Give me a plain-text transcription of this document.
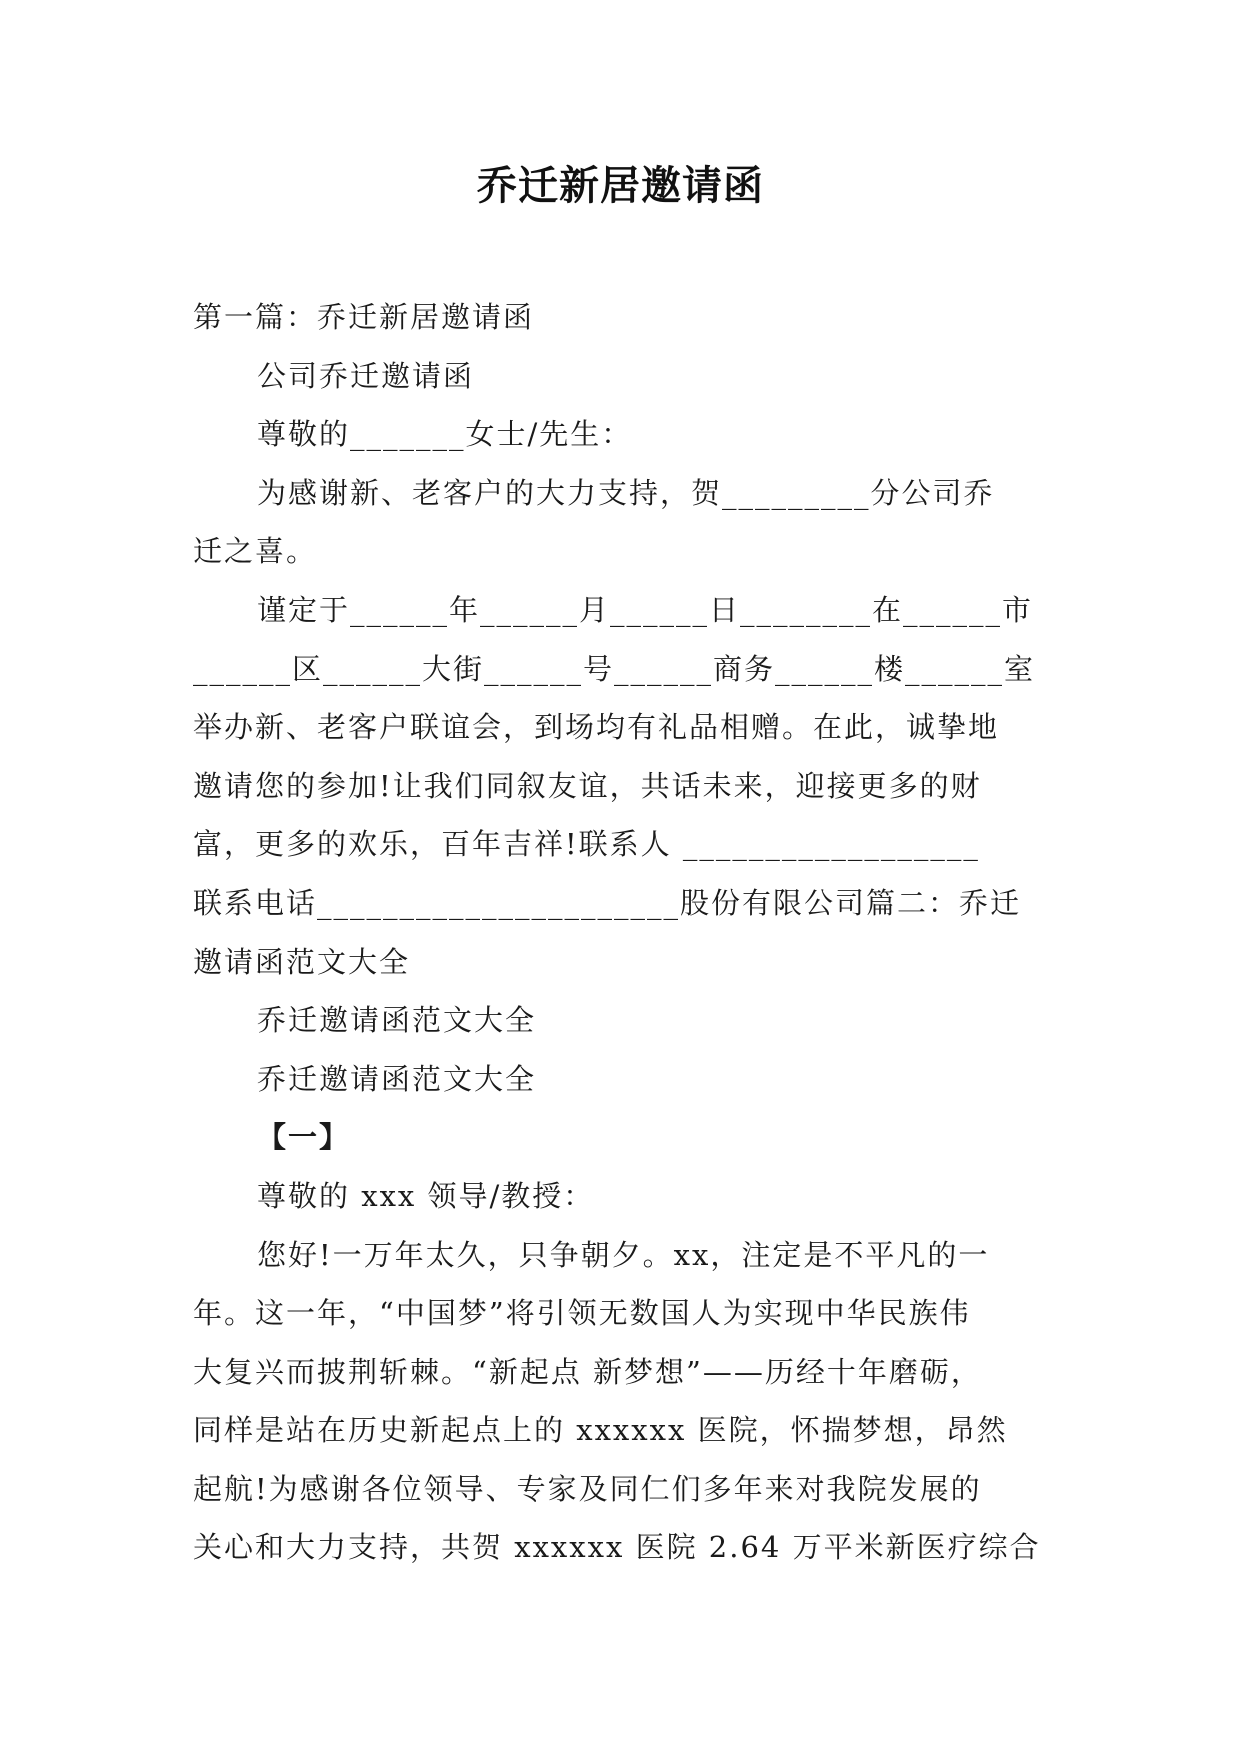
乔迁新居邀请函
第一篇：乔迁新居邀请函
公司乔迁邀请函
尊敬的_______女士/先生：
为感谢新、老客户的大力支持，贺_________分公司乔
迁之喜。
谨定于______年______月______日________在______市
______区______大街______号______商务______楼______室
举办新、老客户联谊会，到场均有礼品相赠。在此，诚挚地
邀请您的参加!让我们同叙友谊，共话未来，迎接更多的财
富，更多的欢乐，百年吉祥!联系人 __________________
联系电话______________________股份有限公司篇二：乔迁
邀请函范文大全
乔迁邀请函范文大全
乔迁邀请函范文大全
【一】
尊敬的 xxx 领导/教授：
您好!一万年太久，只争朝夕。xx，注定是不平凡的一
年。这一年，“中国梦”将引领无数国人为实现中华民族伟
大复兴而披荆斩棘。“新起点 新梦想”——历经十年磨砺，
同样是站在历史新起点上的 xxxxxx 医院，怀揣梦想，昂然
起航!为感谢各位领导、专家及同仁们多年来对我院发展的
关心和大力支持，共贺 xxxxxx 医院 2.64 万平米新医疗综合
